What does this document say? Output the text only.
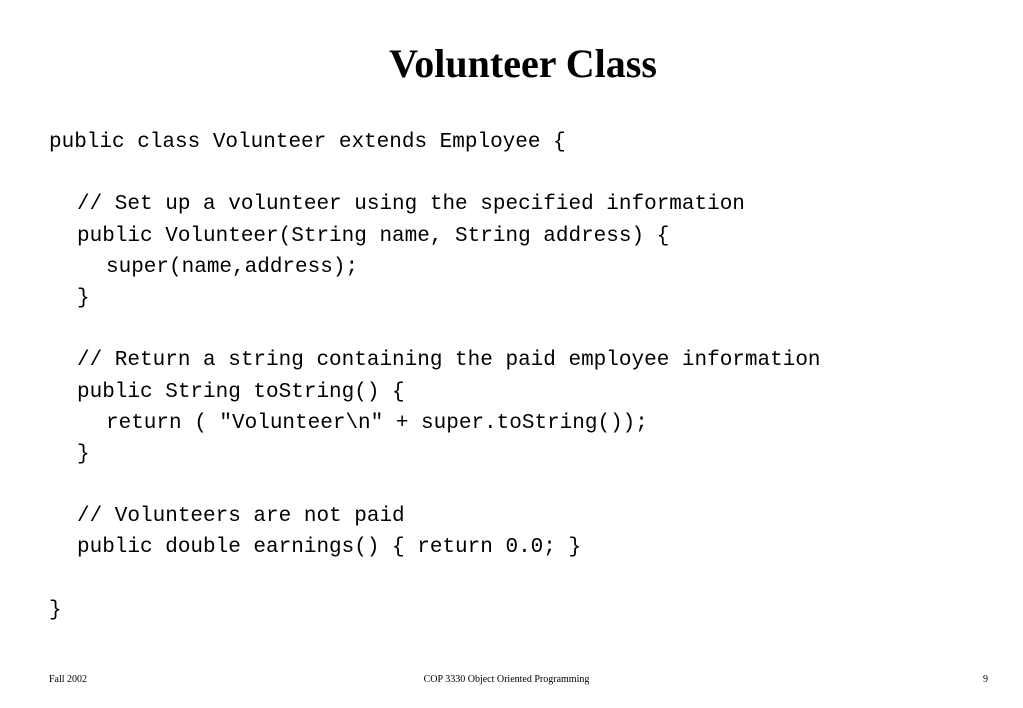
Volunteer Class
public class Volunteer extends Employee {
// Set up a volunteer using the specified information
public Volunteer(String name, String address) {
super(name,address);
}
// Return a string containing the paid employee information
public String toString() {
return ( "Volunteer\n" + super.toString());
}
// Volunteers are not paid
public double earnings() { return 0.0; }
}
Fall 2002	COP 3330 Object Oriented Programming	9
